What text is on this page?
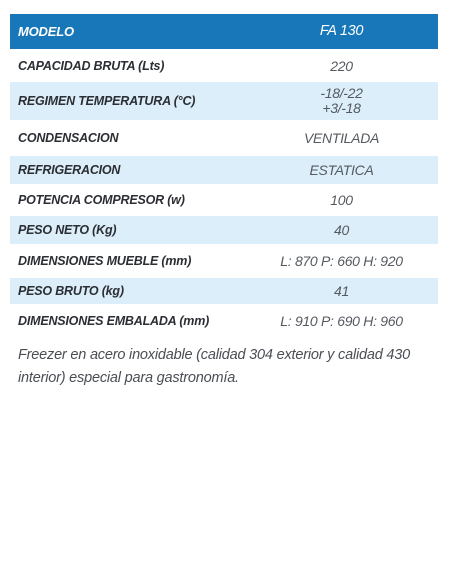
MODELO	FA 130
CAPACIDAD BRUTA (Lts)	220
REGIMEN TEMPERATURA (°C)	-18/-22
+3/-18
CONDENSACION	VENTILADA
REFRIGERACION	ESTATICA
POTENCIA COMPRESOR (w)	100
PESO NETO (Kg)	40
DIMENSIONES MUEBLE (mm)	L: 870 P: 660 H: 920
PESO BRUTO (kg)	41
DIMENSIONES EMBALADA (mm)	L: 910 P: 690 H: 960

Freezer en acero inoxidable (calidad 304 exterior y calidad 430 interior) especial para gastronomía.
